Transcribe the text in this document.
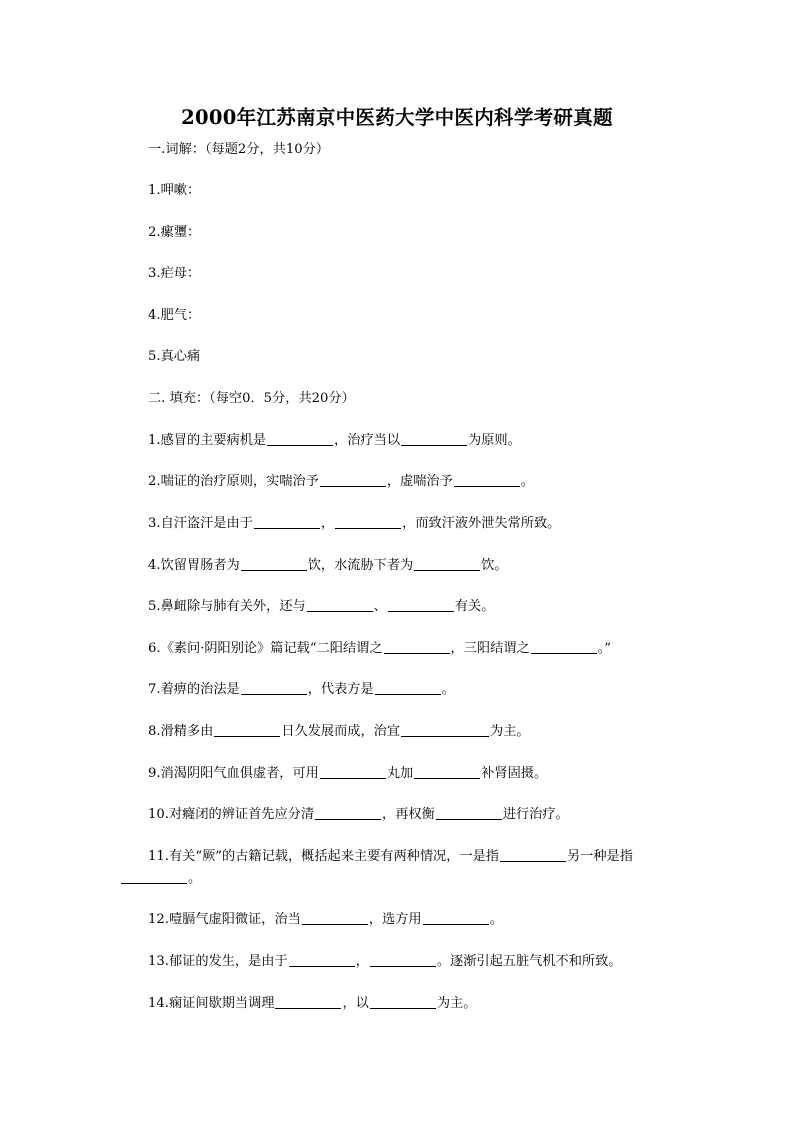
2000年江苏南京中医药大学中医内科学考研真题
一.词解：（每题2分，共10分）
1.呷嗽：
2.瘰瓕：
3.疟母：
4.肥气：
5.真心痛
二. 填充：（每空0．5分，共20分）
1.感冒的主要病机是	，治疗当以	为原则。
2.喘证的治疗原则，实喘治予	，虚喘治予	。
3.自汗盗汗是由于	，	，而致汗液外泄失常所致。
4.饮留胃肠者为	饮，水流胁下者为	饮。
5.鼻衄除与肺有关外，还与	、	有关。
6.《素问·阴阳别论》篇记载“二阳结谓之	，三阳结谓之	。”
7.着痹的治法是	，代表方是	。
8.滑精多由	日久发展而成，治宜	为主。
9.消渴阴阳气血俱虚者，可用	丸加	补肾固摄。
10.对癃闭的辨证首先应分清	，再权衡	进行治疗。
11.有关“厥”的古籍记载，概括起来主要有两种情况，一是指	另一种是指
。
12.噎膈气虚阳微证，治当	，选方用	。
13.郁证的发生，是由于	，	。逐渐引起五脏气机不和所致。
14.痫证间歇期当调理	，以	为主。
